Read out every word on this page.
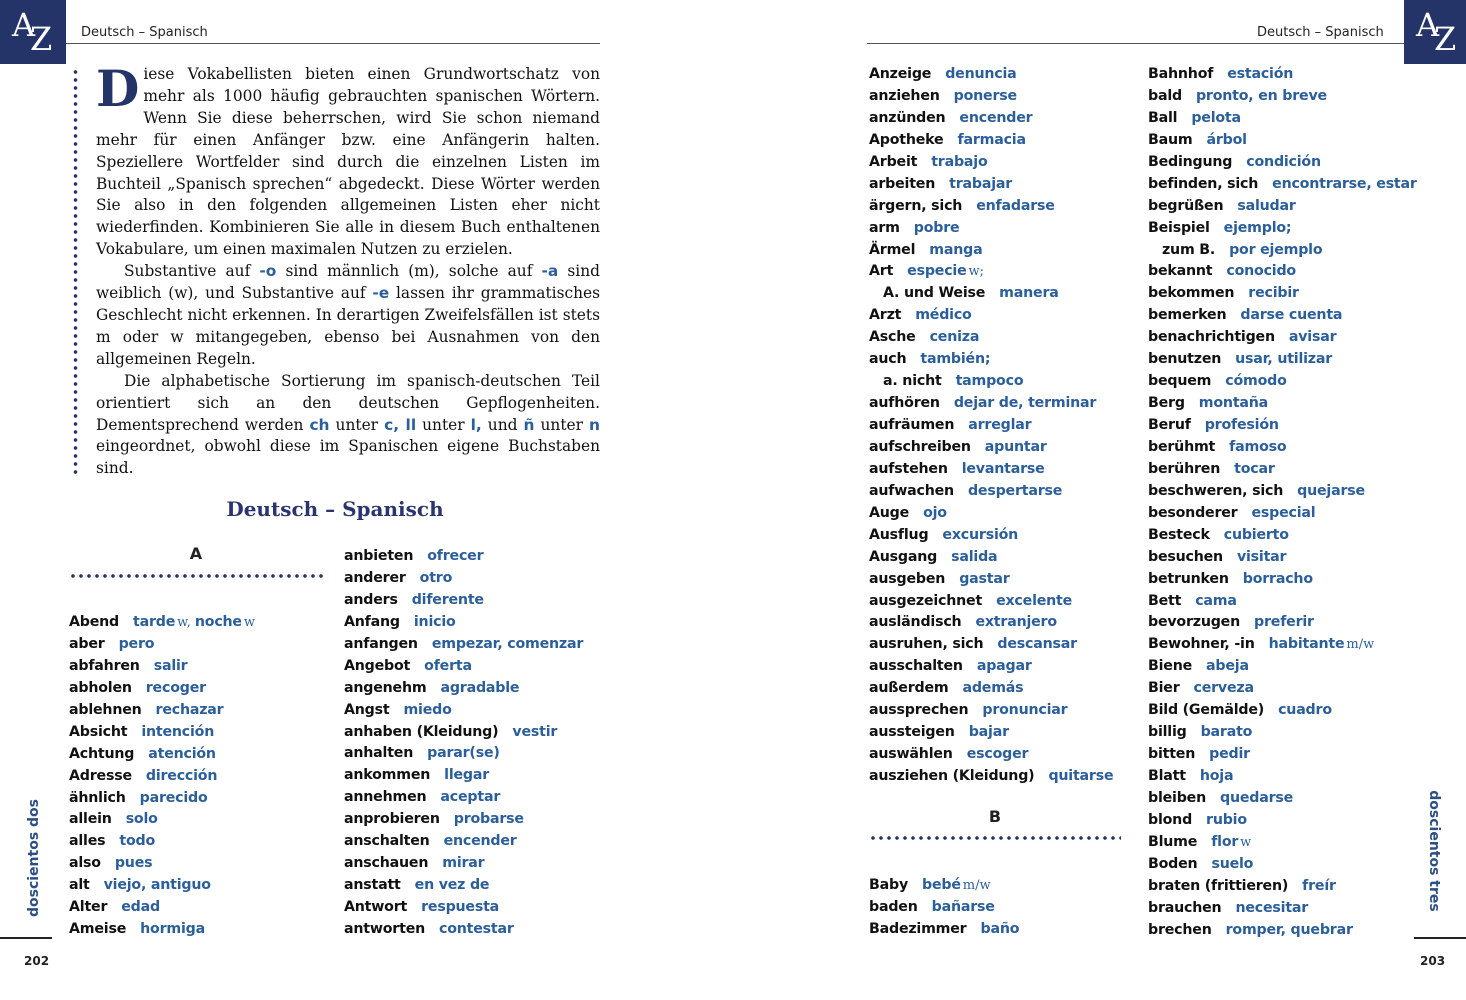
A
Z	A
Z
Deutsch – Spanisch	Deutsch – Spanisch

Diese Vokabellisten bieten einen Grundwortschatz von mehr als 1000 häufig gebrauchten spanischen Wörtern. Wenn Sie diese beherrschen, wird Sie schon niemand mehr für einen Anfänger bzw. eine Anfängerin halten. Speziellere Wortfelder sind durch die einzelnen Listen im Buchteil „Spanisch sprechen“ abgedeckt. Diese Wörter werden Sie also in den folgenden allgemeinen Listen eher nicht wiederfinden. Kombinieren Sie alle in diesem Buch enthaltenen Vokabulare, um einen maximalen Nutzen zu erzielen.

Substantive auf -o sind männlich (m), solche auf -a sind weiblich (w), und Substantive auf -e lassen ihr grammatisches Geschlecht nicht erkennen. In derartigen Zweifelsfällen ist stets m oder w mitangegeben, ebenso bei Ausnahmen von den allgemeinen Regeln.

Die alphabetische Sortierung im spanisch-deutschen Teil orientiert sich an den deutschen Gepflogenheiten. Dementsprechend werden ch unter c, ll unter l, und ñ unter n eingeordnet, obwohl diese im Spanischen eigene Buchstaben sind.

Deutsch – Spanisch
A
B
Abend tarde w, noche w
aber pero
abfahren salir
abholen recoger
ablehnen rechazar
Absicht intención
Achtung atención
Adresse dirección
ähnlich parecido
allein solo
alles todo
also pues
alt viejo, antiguo
Alter edad
Ameise hormiga
anbieten ofrecer
anderer otro
anders diferente
Anfang inicio
anfangen empezar, comenzar
Angebot oferta
angenehm agradable
Angst miedo
anhaben (Kleidung) vestir
anhalten parar(se)
ankommen llegar
annehmen aceptar
anprobieren probarse
anschalten encender
anschauen mirar
anstatt en vez de
Antwort respuesta
antworten contestar
Anzeige denuncia
anziehen ponerse
anzünden encender
Apotheke farmacia
Arbeit trabajo
arbeiten trabajar
ärgern, sich enfadarse
arm pobre
Ärmel manga
Art especie w;
A. und Weise manera
Arzt médico
Asche ceniza
auch también;
a. nicht tampoco
aufhören dejar de, terminar
aufräumen arreglar
aufschreiben apuntar
aufstehen levantarse
aufwachen despertarse
Auge ojo
Ausflug excursión
Ausgang salida
ausgeben gastar
ausgezeichnet excelente
ausländisch extranjero
ausruhen, sich descansar
ausschalten apagar
außerdem además
aussprechen pronunciar
aussteigen bajar
auswählen escoger
ausziehen (Kleidung) quitarse
Baby bebé m/w
baden bañarse
Badezimmer baño
Bahnhof estación
bald pronto, en breve
Ball pelota
Baum árbol
Bedingung condición
befinden, sich encontrarse, estar
begrüßen saludar
Beispiel ejemplo;
zum B. por ejemplo
bekannt conocido
bekommen recibir
bemerken darse cuenta
benachrichtigen avisar
benutzen usar, utilizar
bequem cómodo
Berg montaña
Beruf profesión
berühmt famoso
berühren tocar
beschweren, sich quejarse
besonderer especial
Besteck cubierto
besuchen visitar
betrunken borracho
Bett cama
bevorzugen preferir
Bewohner, -in habitante m/w
Biene abeja
Bier cerveza
Bild (Gemälde) cuadro
billig barato
bitten pedir
Blatt hoja
bleiben quedarse
blond rubio
Blume flor w
Boden suelo
braten (frittieren) freír
brauchen necesitar
brechen romper, quebrar
doscientos dos	doscientos tres
202	203
